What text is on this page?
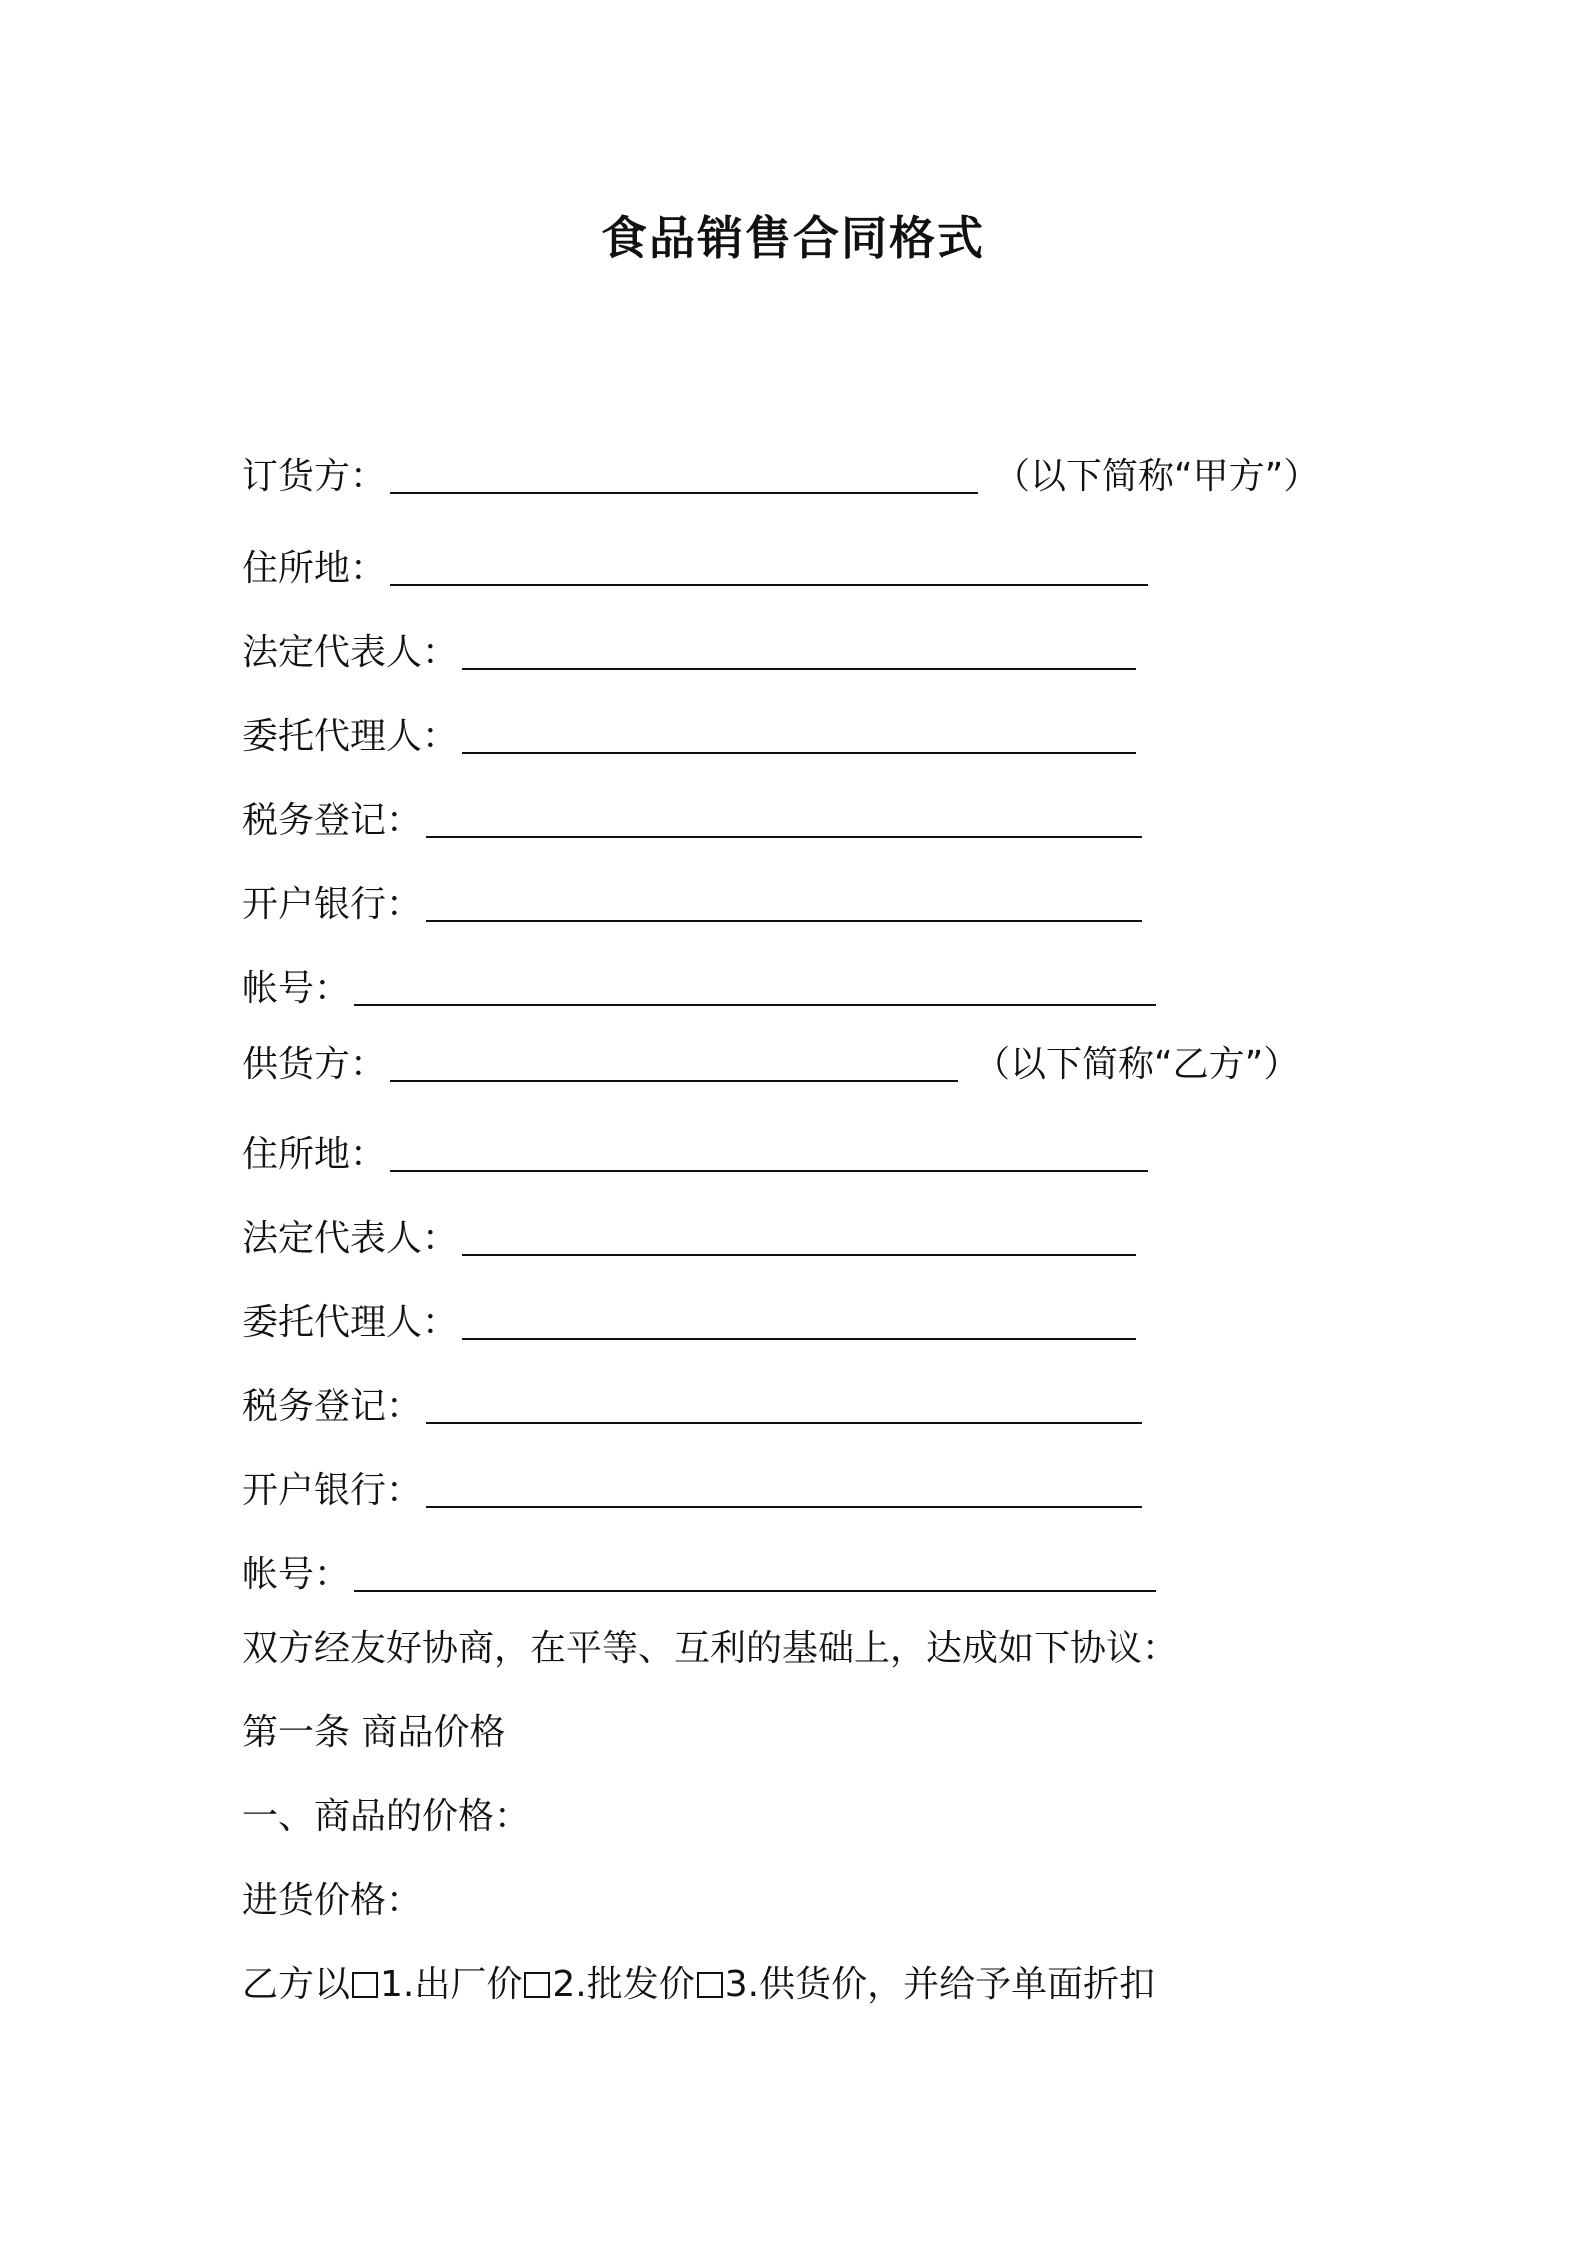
食品销售合同格式
订货方：	（以下简称“甲方”）
住所地：
法定代表人：
委托代理人：
税务登记：
开户银行：
帐号：
供货方：	（以下简称“乙方”）
住所地：
法定代表人：
委托代理人：
税务登记：
开户银行：
帐号：
双方经友好协商，在平等、互利的基础上，达成如下协议：
第一条 商品价格
一、商品的价格：
进货价格：
乙方以 1.出厂价 2.批发价 3.供货价，并给予单面折扣
